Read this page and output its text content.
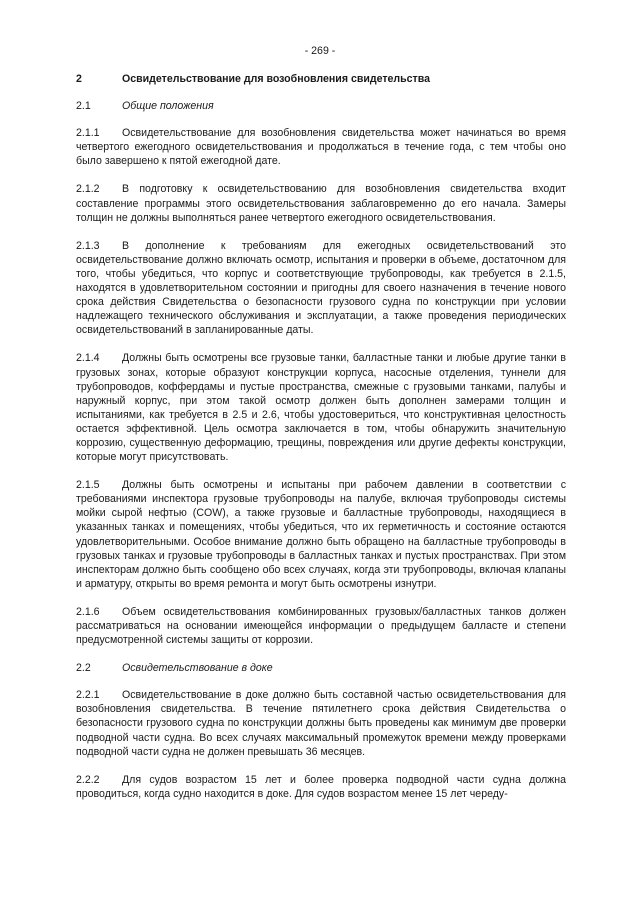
- 269 -
2	Освидетельствование для возобновления свидетельства
2.1	Общие положения

2.1.1 Освидетельствование для возобновления свидетельства может начинаться во время четвертого ежегодного освидетельствования и продолжаться в течение года, с тем чтобы оно было завершено к пятой ежегодной дате.

2.1.2 В подготовку к освидетельствованию для возобновления свидетельства входит составление программы этого освидетельствования заблаговременно до его начала. Замеры толщин не должны выполняться ранее четвертого ежегодного освидетельствования.

2.1.3 В дополнение к требованиям для ежегодных освидетельствований это освидетельствование должно включать осмотр, испытания и проверки в объеме, достаточном для того, чтобы убедиться, что корпус и соответствующие трубопроводы, как требуется в 2.1.5, находятся в удовлетворительном состоянии и пригодны для своего назначения в течение нового срока действия Свидетельства о безопасности грузового судна по конструкции при условии надлежащего технического обслуживания и эксплуатации, а также проведения периодических освидетельствований в запланированные даты.

2.1.4 Должны быть осмотрены все грузовые танки, балластные танки и любые другие танки в грузовых зонах, которые образуют конструкции корпуса, насосные отделения, туннели для трубопроводов, коффердамы и пустые пространства, смежные с грузовыми танками, палубы и наружный корпус, при этом такой осмотр должен быть дополнен замерами толщин и испытаниями, как требуется в 2.5 и 2.6, чтобы удостовериться, что конструктивная целостность остается эффективной. Цель осмотра заключается в том, чтобы обнаружить значительную коррозию, существенную деформацию, трещины, повреждения или другие дефекты конструкции, которые могут присутствовать.

2.1.5 Должны быть осмотрены и испытаны при рабочем давлении в соответствии с требованиями инспектора грузовые трубопроводы на палубе, включая трубопроводы системы мойки сырой нефтью (COW), а также грузовые и балластные трубопроводы, находящиеся в указанных танках и помещениях, чтобы убедиться, что их герметичность и состояние остаются удовлетворительными. Особое внимание должно быть обращено на балластные трубопроводы в грузовых танках и грузовые трубопроводы в балластных танках и пустых пространствах. При этом инспекторам должно быть сообщено обо всех случаях, когда эти трубопроводы, включая клапаны и арматуру, открыты во время ремонта и могут быть осмотрены изнутри.

2.1.6 Объем освидетельствования комбинированных грузовых/балластных танков должен рассматриваться на основании имеющейся информации о предыдущем балласте и степени предусмотренной системы защиты от коррозии.

2.2	Освидетельствование в доке

2.2.1 Освидетельствование в доке должно быть составной частью освидетельствования для возобновления свидетельства. В течение пятилетнего срока действия Свидетельства о безопасности грузового судна по конструкции должны быть проведены как минимум две проверки подводной части судна. Во всех случаях максимальный промежуток времени между проверками подводной части судна не должен превышать 36 месяцев.

2.2.2 Для судов возрастом 15 лет и более проверка подводной части судна должна проводиться, когда судно находится в доке. Для судов возрастом менее 15 лет череду-
